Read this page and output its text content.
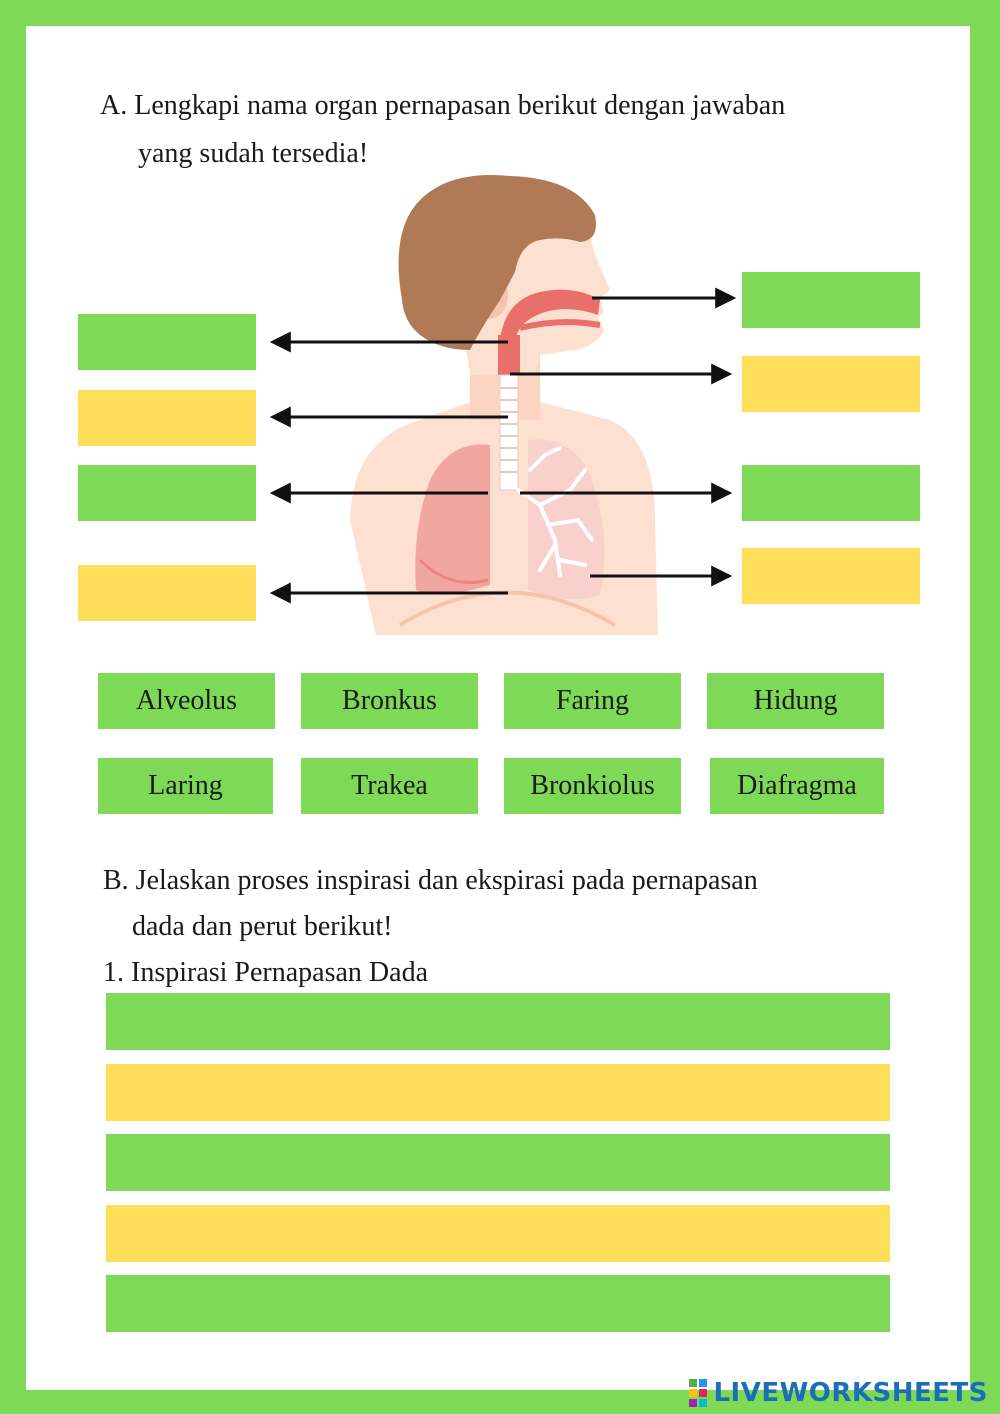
A. Lengkapi nama organ pernapasan berikut dengan jawaban
yang sudah tersedia!
Alveolus	Bronkus	Faring	Hidung
Laring	Trakea	Bronkiolus	Diafragma
B. Jelaskan proses inspirasi dan ekspirasi pada pernapasan
dada dan perut berikut!
1. Inspirasi Pernapasan Dada
LIVEWORKSHEETS
